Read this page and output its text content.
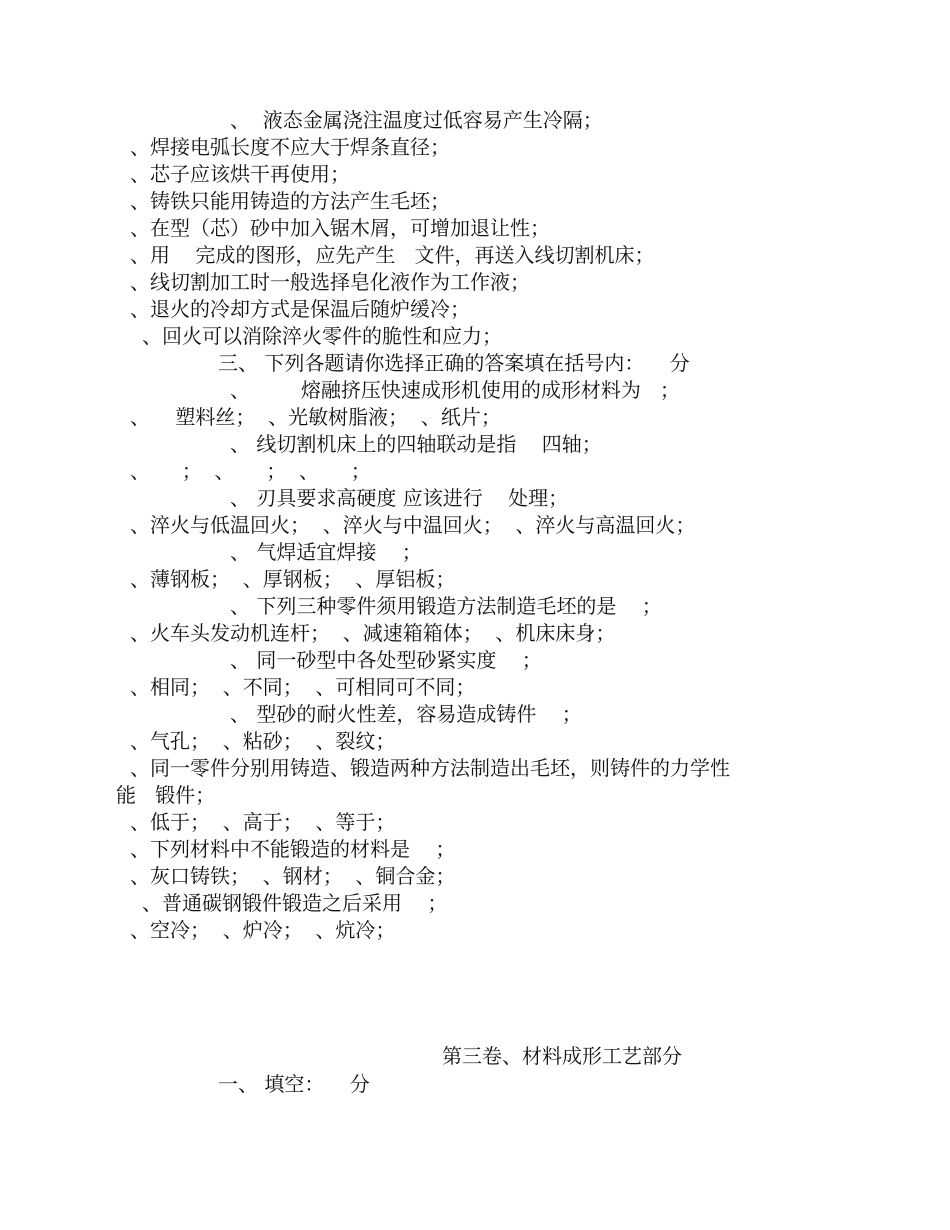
、  液态金属浇注温度过低容易产生冷隔；
、焊接电弧长度不应大于焊条直径；
、芯子应该烘干再使用；
、铸铁只能用铸造的方法产生毛坯；
、在型（芯）砂中加入锯木屑，可增加退让性；
、用    完成的图形，应先产生   文件，再送入线切割机床；
、线切割加工时一般选择皂化液作为工作液；
、退火的冷却方式是保温后随炉缓冷；
、回火可以消除淬火零件的脆性和应力；
三、 下列各题请你选择正确的答案填在括号内：    分
、        熔融挤压快速成形机使用的成形材料为   ；
、    塑料丝；  、光敏树脂液；  、纸片；
、 线切割机床上的四轴联动是指    四轴；
、     ；  、     ；  、     ；
、 刃具要求高硬度 应该进行    处理；
、淬火与低温回火；  、淬火与中温回火；  、淬火与高温回火；
、 气焊适宜焊接    ；
、薄钢板；  、厚钢板；  、厚铝板；
、 下列三种零件须用锻造方法制造毛坯的是    ；
、火车头发动机连杆；  、减速箱箱体；  、机床床身；
、 同一砂型中各处型砂紧实度    ；
、相同；  、不同；  、可相同可不同；
、 型砂的耐火性差，容易造成铸件    ；
、气孔；  、粘砂；  、裂纹；
、同一零件分别用铸造、锻造两种方法制造出毛坯，则铸件的力学性
能   锻件；
、低于；  、高于；  、等于；
、下列材料中不能锻造的材料是    ；
、灰口铸铁；  、钢材；  、铜合金；
、普通碳钢锻件锻造之后采用    ；
、空冷；  、炉冷；  、炕冷；
第三卷、材料成形工艺部分
一、 填空：    分
